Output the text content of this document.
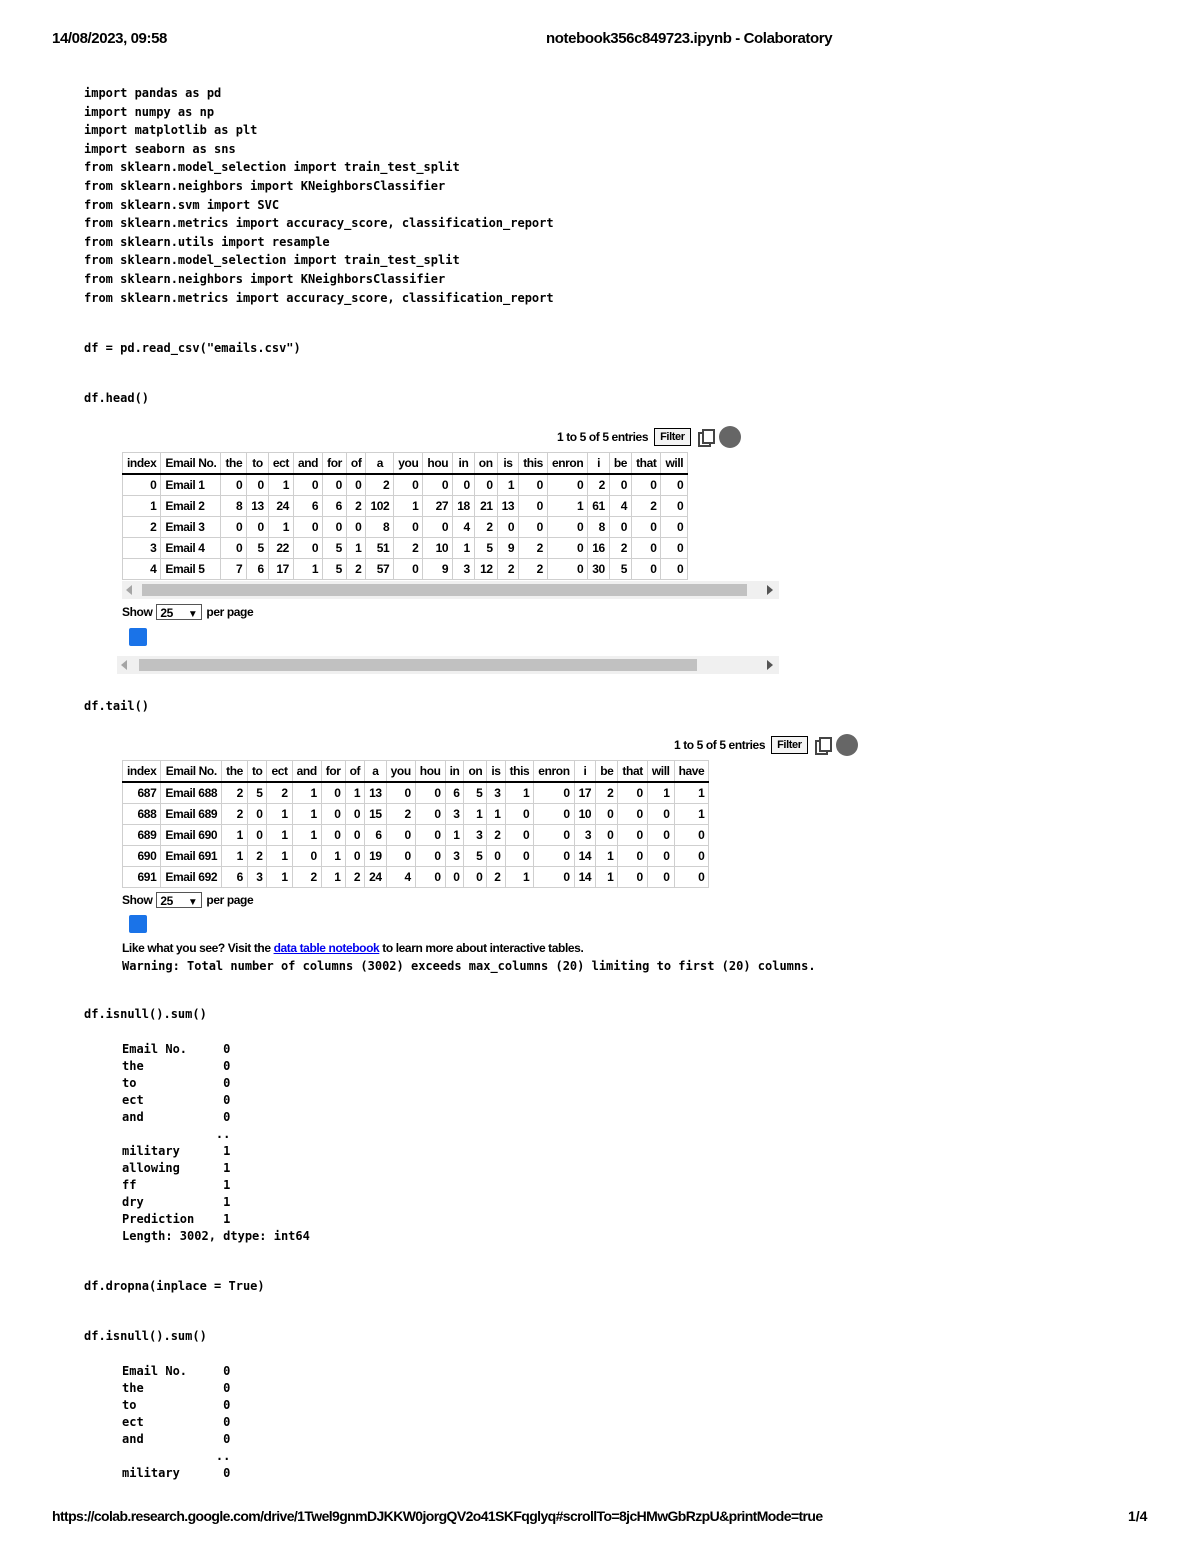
14/08/2023, 09:58	notebook356c849723.ipynb - Colaboratory
import pandas as pd
import numpy as np
import matplotlib as plt
import seaborn as sns
from sklearn.model_selection import train_test_split
from sklearn.neighbors import KNeighborsClassifier
from sklearn.svm import SVC
from sklearn.metrics import accuracy_score, classification_report
from sklearn.utils import resample
from sklearn.model_selection import train_test_split
from sklearn.neighbors import KNeighborsClassifier
from sklearn.metrics import accuracy_score, classification_report
df = pd.read_csv("emails.csv")
df.head()
1 to 5 of 5 entries	Filter
index	Email No.	the	to	ect	and	for	of	a	you	hou	in	on	is	this	enron	i	be	that	will
0	Email 1	0	0	1	0	0	0	2	0	0	0	0	1	0	0	2	0	0	0
1	Email 2	8	13	24	6	6	2	102	1	27	18	21	13	0	1	61	4	2	0
2	Email 3	0	0	1	0	0	0	8	0	0	4	2	0	0	0	8	0	0	0
3	Email 4	0	5	22	0	5	1	51	2	10	1	5	9	2	0	16	2	0	0
4	Email 5	7	6	17	1	5	2	57	0	9	3	12	2	2	0	30	5	0	0
Show 25 ▼ per page
df.tail()
1 to 5 of 5 entries	Filter
index	Email No.	the	to	ect	and	for	of	a	you	hou	in	on	is	this	enron	i	be	that	will	have
687	Email 688	2	5	2	1	0	1	13	0	0	6	5	3	1	0	17	2	0	1	1
688	Email 689	2	0	1	1	0	0	15	2	0	3	1	1	0	0	10	0	0	0	1
689	Email 690	1	0	1	1	0	0	6	0	0	1	3	2	0	0	3	0	0	0	0
690	Email 691	1	2	1	0	1	0	19	0	0	3	5	0	0	0	14	1	0	0	0
691	Email 692	6	3	1	2	1	2	24	4	0	0	0	2	1	0	14	1	0	0	0
Show 25 ▼ per page
Like what you see? Visit the data table notebook to learn more about interactive tables.
Warning: Total number of columns (3002) exceeds max_columns (20) limiting to first (20) columns.
df.isnull().sum()
Email No.     0
the           0
to            0
ect           0
and           0
..
military      1
allowing      1
ff            1
dry           1
Prediction    1
Length: 3002, dtype: int64
df.dropna(inplace = True)
df.isnull().sum()
Email No.     0
the           0
to            0
ect           0
and           0
..
military      0
https://colab.research.google.com/drive/1Twel9gnmDJKKW0jorgQV2o41SKFqglyq#scrollTo=8jcHMwGbRzpU&printMode=true	1/4
